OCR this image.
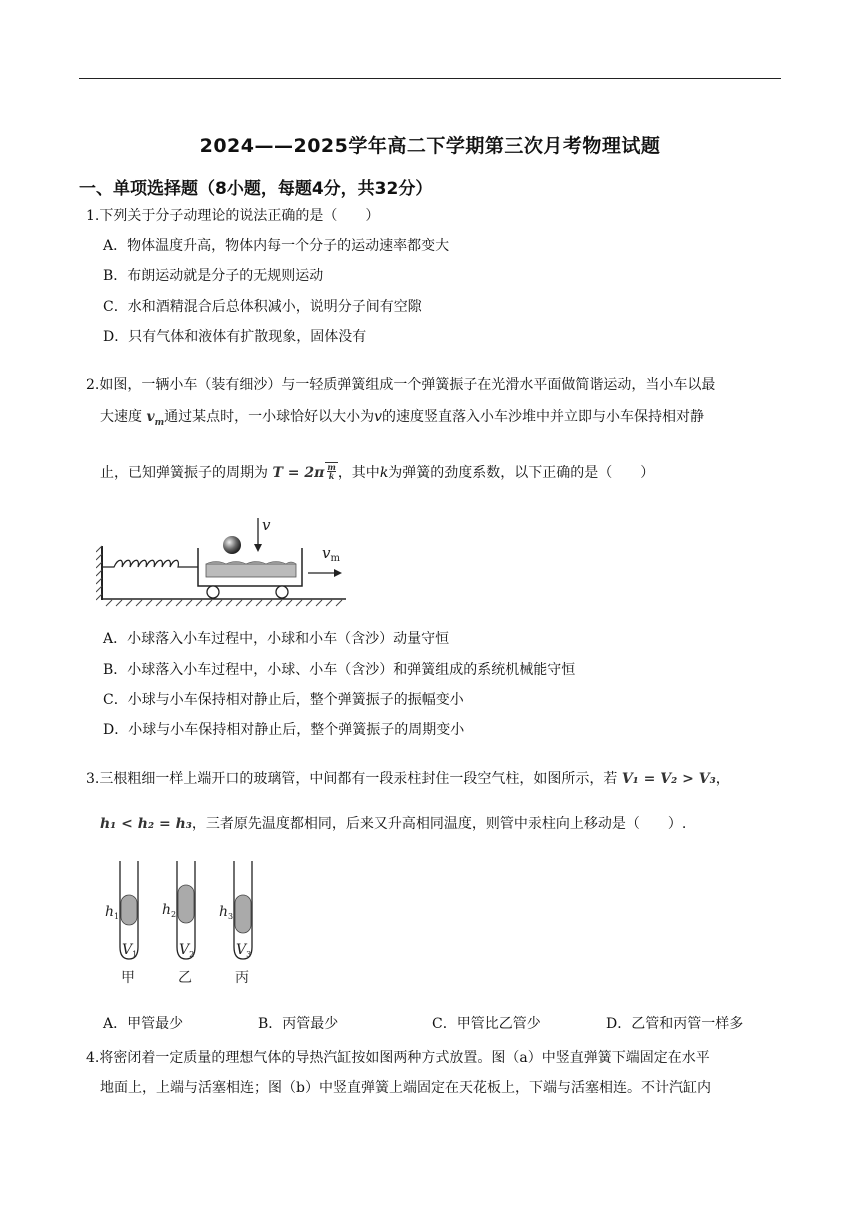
2024——2025学年高二下学期第三次月考物理试题
一、单项选择题（8小题，每题4分，共32分）
1.下列关于分子动理论的说法正确的是（　　）
A．物体温度升高，物体内每一个分子的运动速率都变大
B．布朗运动就是分子的无规则运动
C．水和酒精混合后总体积减小，说明分子间有空隙
D．只有气体和液体有扩散现象，固体没有
2.如图，一辆小车（装有细沙）与一轻质弹簧组成一个弹簧振子在光滑水平面做简谐运动，当小车以最
大速度 $v_m$通过某点时，一小球恰好以大小为v的速度竖直落入小车沙堆中并立即与小车保持相对静
止，已知弹簧振子的周期为 T = 2π m
k ，其中k为弹簧的劲度系数，以下正确的是（　　）
v
$v_m$
A．小球落入小车过程中，小球和小车（含沙）动量守恒
B．小球落入小车过程中，小球、小车（含沙）和弹簧组成的系统机械能守恒
C．小球与小车保持相对静止后，整个弹簧振子的振幅变小
D．小球与小车保持相对静止后，整个弹簧振子的周期变小
3.三根粗细一样上端开口的玻璃管，中间都有一段汞柱封住一段空气柱，如图所示，若 V₁ = V₂ > V₃，
h₁ < h₂ = h₃，三者原先温度都相同，后来又升高相同温度，则管中汞柱向上移动是（　　）.
$h_1$
$V_1$
甲
$h_2$
$V_2$
乙
$h_3$
$V_3$
丙
A．甲管最少	B．丙管最少	C．甲管比乙管少	D．乙管和丙管一样多
4.将密闭着一定质量的理想气体的导热汽缸按如图两种方式放置。图（a）中竖直弹簧下端固定在水平
地面上，上端与活塞相连；图（b）中竖直弹簧上端固定在天花板上，下端与活塞相连。不计汽缸内
